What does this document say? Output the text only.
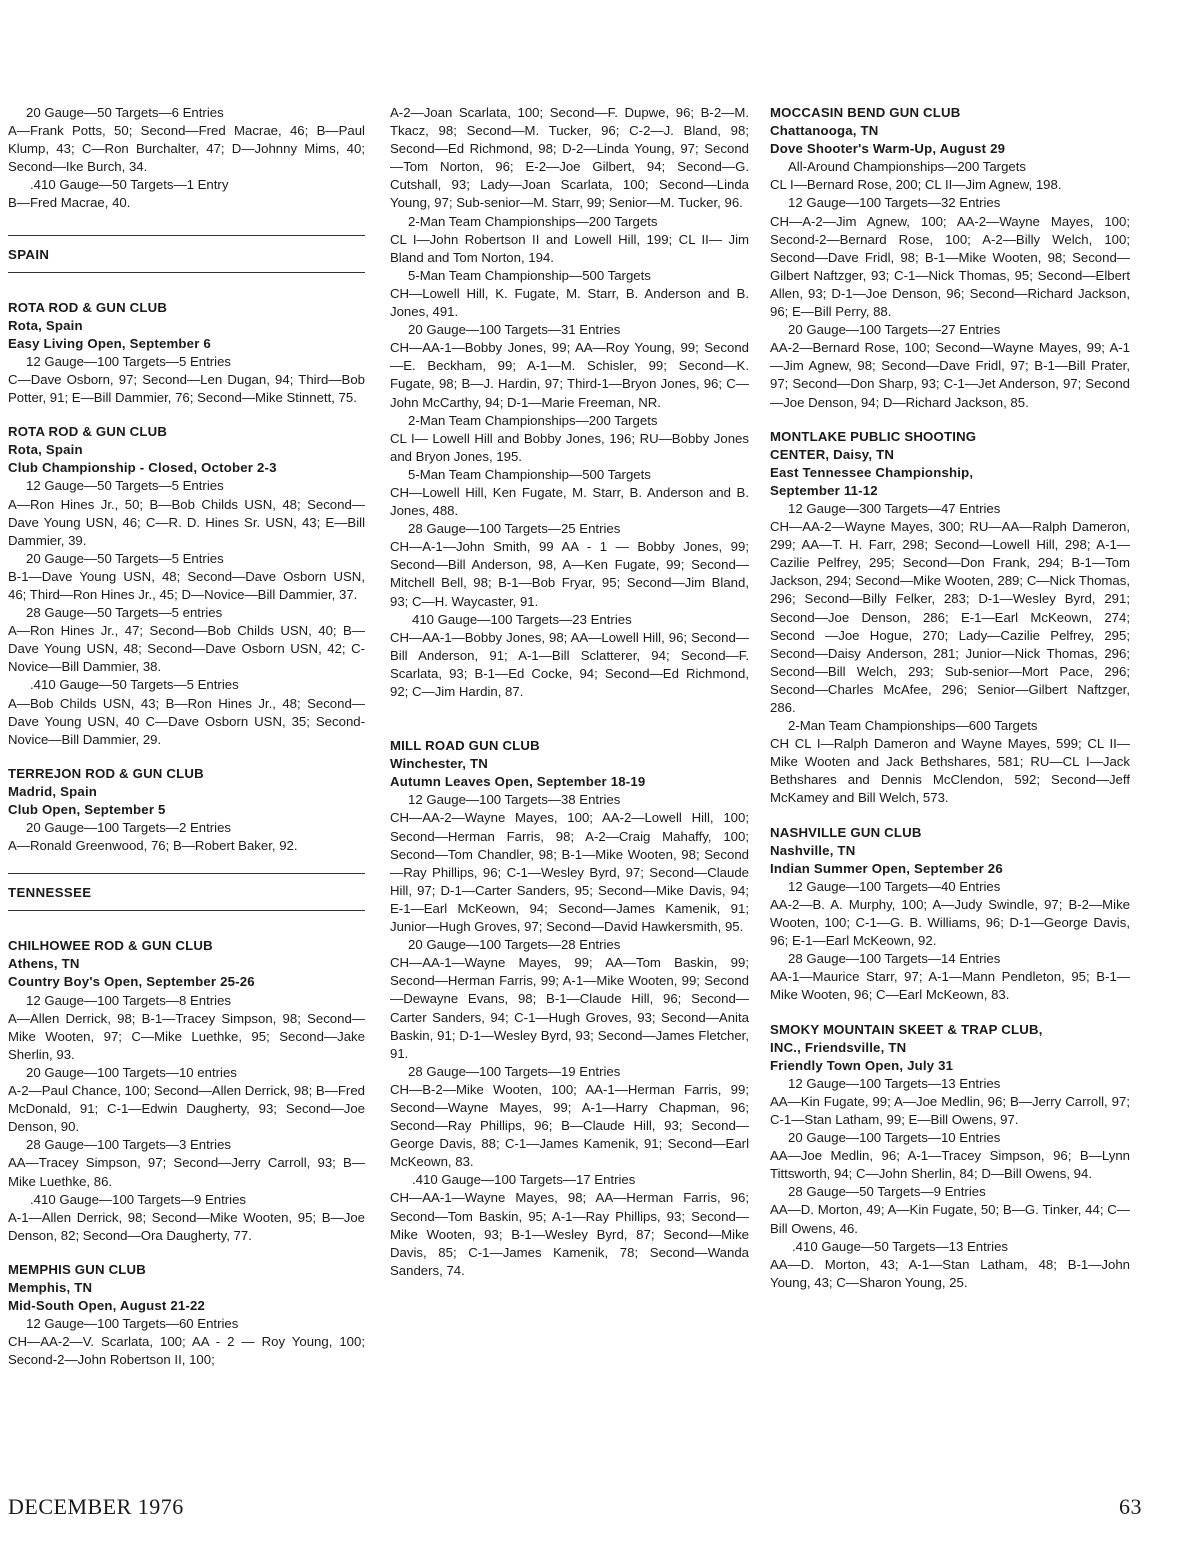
20 Gauge—50 Targets—6 Entries

A—Frank Potts, 50; Second—Fred Macrae, 46; B—Paul Klump, 43; C—Ron Burchalter, 47; D—Johnny Mims, 40; Second—Ike Burch, 34.

.410 Gauge—50 Targets—1 Entry

B—Fred Macrae, 40.

SPAIN
ROTA ROD & GUN CLUB
Rota, Spain
Easy Living Open, September 6

12 Gauge—100 Targets—5 Entries

C—Dave Osborn, 97; Second—Len Dugan, 94; Third—Bob Potter, 91; E—Bill Dammier, 76; Second—Mike Stinnett, 75.

ROTA ROD & GUN CLUB
Rota, Spain
Club Championship - Closed, October 2-3

12 Gauge—50 Targets—5 Entries

A—Ron Hines Jr., 50; B—Bob Childs USN, 48; Second—Dave Young USN, 46; C—R. D. Hines Sr. USN, 43; E—Bill Dammier, 39.

20 Gauge—50 Targets—5 Entries

B-1—Dave Young USN, 48; Second—Dave Osborn USN, 46; Third—Ron Hines Jr., 45; D—Novice—Bill Dammier, 37.

28 Gauge—50 Targets—5 entries

A—Ron Hines Jr., 47; Second—Bob Childs USN, 40; B—Dave Young USN, 48; Second—Dave Osborn USN, 42; C-Novice—Bill Dammier, 38.

.410 Gauge—50 Targets—5 Entries

A—Bob Childs USN, 43; B—Ron Hines Jr., 48; Second—Dave Young USN, 40 C—Dave Osborn USN, 35; Second-Novice—Bill Dammier, 29.

TERREJON ROD & GUN CLUB
Madrid, Spain
Club Open, September 5

20 Gauge—100 Targets—2 Entries

A—Ronald Greenwood, 76; B—Robert Baker, 92.

TENNESSEE
CHILHOWEE ROD & GUN CLUB
Athens, TN
Country Boy's Open, September 25-26

12 Gauge—100 Targets—8 Entries

A—Allen Derrick, 98; B-1—Tracey Simpson, 98; Second—Mike Wooten, 97; C—Mike Luethke, 95; Second—Jake Sherlin, 93.

20 Gauge—100 Targets—10 entries

A-2—Paul Chance, 100; Second—Allen Derrick, 98; B—Fred McDonald, 91; C-1—Edwin Daugherty, 93; Second—Joe Denson, 90.

28 Gauge—100 Targets—3 Entries

AA—Tracey Simpson, 97; Second—Jerry Carroll, 93; B—Mike Luethke, 86.

.410 Gauge—100 Targets—9 Entries

A-1—Allen Derrick, 98; Second—Mike Wooten, 95; B—Joe Denson, 82; Second—Ora Daugherty, 77.

MEMPHIS GUN CLUB
Memphis, TN
Mid-South Open, August 21-22

12 Gauge—100 Targets—60 Entries

CH—AA-2—V. Scarlata, 100; AA - 2 — Roy Young, 100; Second-2—John Robertson II, 100;

A-2—Joan Scarlata, 100; Second—F. Dupwe, 96; B-2—M. Tkacz, 98; Second—M. Tucker, 96; C-2—J. Bland, 98; Second—Ed Richmond, 98; D-2—Linda Young, 97; Second—Tom Norton, 96; E-2—Joe Gilbert, 94; Second—G. Cutshall, 93; Lady—Joan Scarlata, 100; Second—Linda Young, 97; Sub-senior—M. Starr, 99; Senior—M. Tucker, 96.

2-Man Team Championships—200 Targets

CL I—John Robertson II and Lowell Hill, 199; CL II— Jim Bland and Tom Norton, 194.

5-Man Team Championship—500 Targets

CH—Lowell Hill, K. Fugate, M. Starr, B. Anderson and B. Jones, 491.

20 Gauge—100 Targets—31 Entries

CH—AA-1—Bobby Jones, 99; AA—Roy Young, 99; Second—E. Beckham, 99; A-1—M. Schisler, 99; Second—K. Fugate, 98; B—J. Hardin, 97; Third-1—Bryon Jones, 96; C—John McCarthy, 94; D-1—Marie Freeman, NR.

2-Man Team Championships—200 Targets

CL I— Lowell Hill and Bobby Jones, 196; RU—Bobby Jones and Bryon Jones, 195.

5-Man Team Championship—500 Targets

CH—Lowell Hill, Ken Fugate, M. Starr, B. Anderson and B. Jones, 488.

28 Gauge—100 Targets—25 Entries

CH—A-1—John Smith, 99 AA - 1 — Bobby Jones, 99; Second—Bill Anderson, 98, A—Ken Fugate, 99; Second—Mitchell Bell, 98; B-1—Bob Fryar, 95; Second—Jim Bland, 93; C—H. Waycaster, 91.

410 Gauge—100 Targets—23 Entries

CH—AA-1—Bobby Jones, 98; AA—Lowell Hill, 96; Second—Bill Anderson, 91; A-1—Bill Sclatterer, 94; Second—F. Scarlata, 93; B-1—Ed Cocke, 94; Second—Ed Richmond, 92; C—Jim Hardin, 87.

MILL ROAD GUN CLUB
Winchester, TN
Autumn Leaves Open, September 18-19

12 Gauge—100 Targets—38 Entries

CH—AA-2—Wayne Mayes, 100; AA-2—Lowell Hill, 100; Second—Herman Farris, 98; A-2—Craig Mahaffy, 100; Second—Tom Chandler, 98; B-1—Mike Wooten, 98; Second—Ray Phillips, 96; C-1—Wesley Byrd, 97; Second—Claude Hill, 97; D-1—Carter Sanders, 95; Second—Mike Davis, 94; E-1—Earl McKeown, 94; Second—James Kamenik, 91; Junior—Hugh Groves, 97; Second—David Hawkersmith, 95.

20 Gauge—100 Targets—28 Entries

CH—AA-1—Wayne Mayes, 99; AA—Tom Baskin, 99; Second—Herman Farris, 99; A-1—Mike Wooten, 99; Second—Dewayne Evans, 98; B-1—Claude Hill, 96; Second—Carter Sanders, 94; C-1—Hugh Groves, 93; Second—Anita Baskin, 91; D-1—Wesley Byrd, 93; Second—James Fletcher, 91.

28 Gauge—100 Targets—19 Entries

CH—B-2—Mike Wooten, 100; AA-1—Herman Farris, 99; Second—Wayne Mayes, 99; A-1—Harry Chapman, 96; Second—Ray Phillips, 96; B—Claude Hill, 93; Second—George Davis, 88; C-1—James Kamenik, 91; Second—Earl McKeown, 83.

.410 Gauge—100 Targets—17 Entries

CH—AA-1—Wayne Mayes, 98; AA—Herman Farris, 96; Second—Tom Baskin, 95; A-1—Ray Phillips, 93; Second—Mike Wooten, 93; B-1—Wesley Byrd, 87; Second—Mike Davis, 85; C-1—James Kamenik, 78; Second—Wanda Sanders, 74.

MOCCASIN BEND GUN CLUB
Chattanooga, TN
Dove Shooter's Warm-Up, August 29

All-Around Championships—200 Targets

CL I—Bernard Rose, 200; CL II—Jim Agnew, 198.

12 Gauge—100 Targets—32 Entries

CH—A-2—Jim Agnew, 100; AA-2—Wayne Mayes, 100; Second-2—Bernard Rose, 100; A-2—Billy Welch, 100; Second—Dave Fridl, 98; B-1—Mike Wooten, 98; Second—Gilbert Naftzger, 93; C-1—Nick Thomas, 95; Second—Elbert Allen, 93; D-1—Joe Denson, 96; Second—Richard Jackson, 96; E—Bill Perry, 88.

20 Gauge—100 Targets—27 Entries

AA-2—Bernard Rose, 100; Second—Wayne Mayes, 99; A-1—Jim Agnew, 98; Second—Dave Fridl, 97; B-1—Bill Prater, 97; Second—Don Sharp, 93; C-1—Jet Anderson, 97; Second—Joe Denson, 94; D—Richard Jackson, 85.

MONTLAKE PUBLIC SHOOTING
CENTER, Daisy, TN
East Tennessee Championship,
September 11-12

12 Gauge—300 Targets—47 Entries

CH—AA-2—Wayne Mayes, 300; RU—AA—Ralph Dameron, 299; AA—T. H. Farr, 298; Second—Lowell Hill, 298; A-1—Cazilie Pelfrey, 295; Second—Don Frank, 294; B-1—Tom Jackson, 294; Second—Mike Wooten, 289; C—Nick Thomas, 296; Second—Billy Felker, 283; D-1—Wesley Byrd, 291; Second—Joe Denson, 286; E-1—Earl McKeown, 274; Second —Joe Hogue, 270; Lady—Cazilie Pelfrey, 295; Second—Daisy Anderson, 281; Junior—Nick Thomas, 296; Second—Bill Welch, 293; Sub-senior—Mort Pace, 296; Second—Charles McAfee, 296; Senior—Gilbert Naftzger, 286.

2-Man Team Championships—600 Targets

CH CL I—Ralph Dameron and Wayne Mayes, 599; CL II—Mike Wooten and Jack Bethshares, 581; RU—CL I—Jack Bethshares and Dennis McClendon, 592; Second—Jeff McKamey and Bill Welch, 573.

NASHVILLE GUN CLUB
Nashville, TN
Indian Summer Open, September 26

12 Gauge—100 Targets—40 Entries

AA-2—B. A. Murphy, 100; A—Judy Swindle, 97; B-2—Mike Wooten, 100; C-1—G. B. Williams, 96; D-1—George Davis, 96; E-1—Earl McKeown, 92.

28 Gauge—100 Targets—14 Entries

AA-1—Maurice Starr, 97; A-1—Mann Pendleton, 95; B-1—Mike Wooten, 96; C—Earl McKeown, 83.

SMOKY MOUNTAIN SKEET & TRAP CLUB,
INC., Friendsville, TN
Friendly Town Open, July 31

12 Gauge—100 Targets—13 Entries

AA—Kin Fugate, 99; A—Joe Medlin, 96; B—Jerry Carroll, 97; C-1—Stan Latham, 99; E—Bill Owens, 97.

20 Gauge—100 Targets—10 Entries

AA—Joe Medlin, 96; A-1—Tracey Simpson, 96; B—Lynn Tittsworth, 94; C—John Sherlin, 84; D—Bill Owens, 94.

28 Gauge—50 Targets—9 Entries

AA—D. Morton, 49; A—Kin Fugate, 50; B—G. Tinker, 44; C—Bill Owens, 46.

.410 Gauge—50 Targets—13 Entries

AA—D. Morton, 43; A-1—Stan Latham, 48; B-1—John Young, 43; C—Sharon Young, 25.

DECEMBER 1976	63
